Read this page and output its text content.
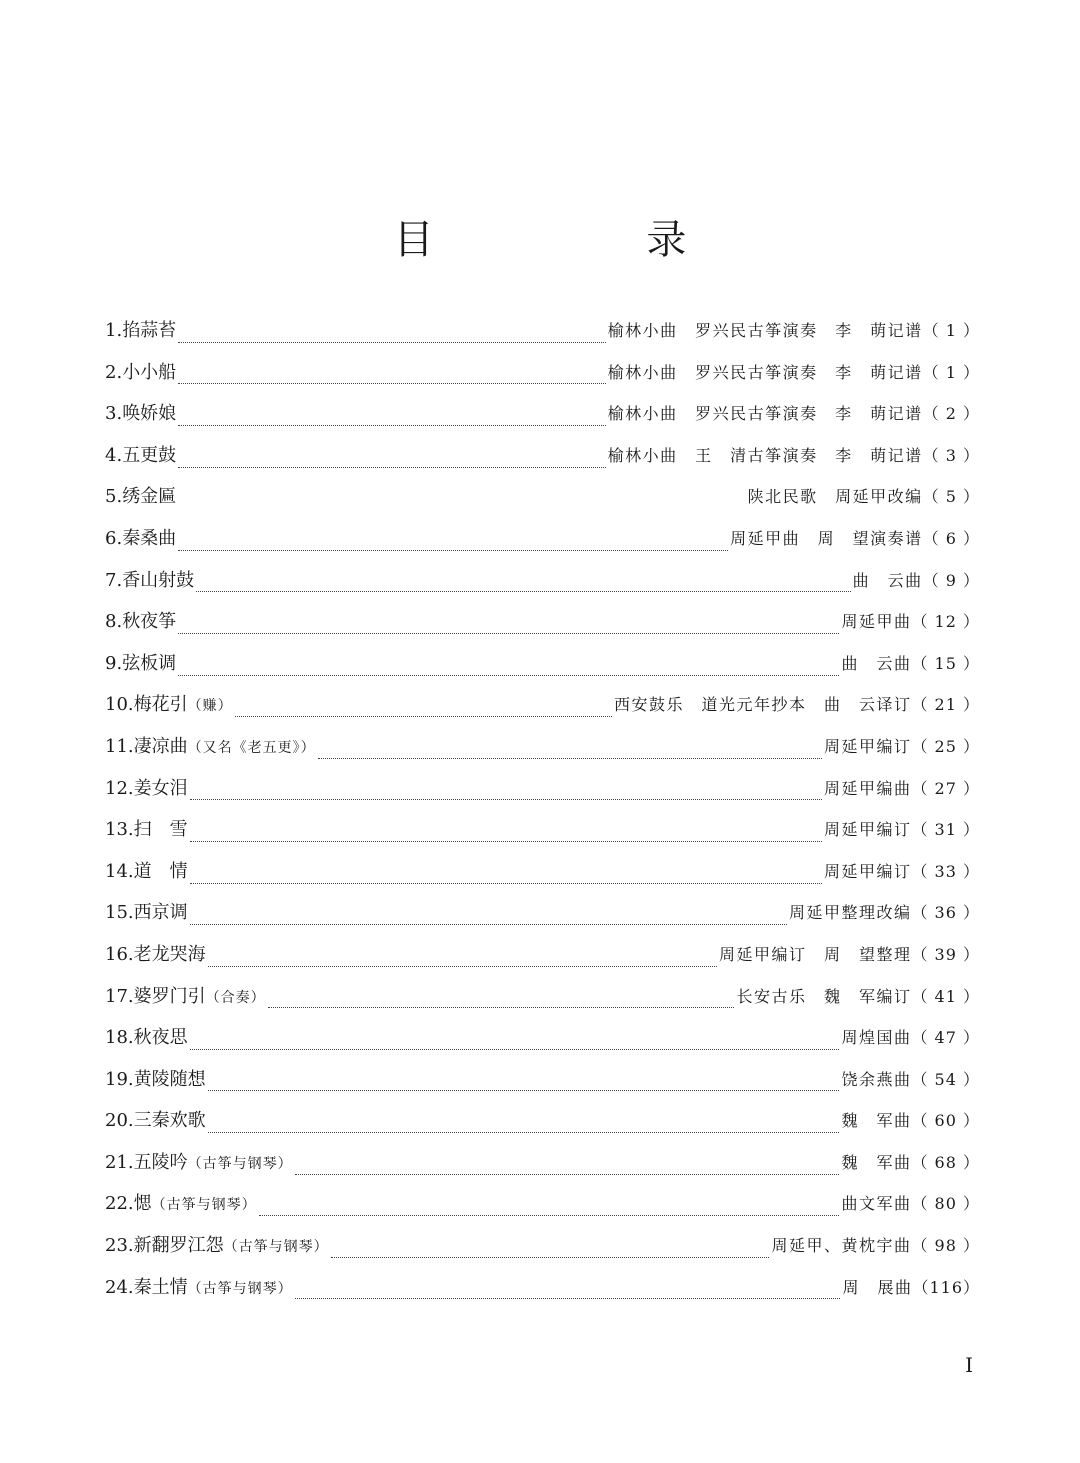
目 录
1. 掐蒜苔	榆林小曲　罗兴民古筝演奏　李　萌记谱 （ 1 ）
2. 小小船	榆林小曲　罗兴民古筝演奏　李　萌记谱 （ 1 ）
3. 唤娇娘	榆林小曲　罗兴民古筝演奏　李　萌记谱 （ 2 ）
4. 五更鼓	榆林小曲　王　清古筝演奏　李　萌记谱 （ 3 ）
5. 绣金匾	陕北民歌　周延甲改编 （ 5 ）
6. 秦桑曲	周延甲曲　周　望演奏谱 （ 6 ）
7. 香山射鼓	曲　云曲 （ 9 ）
8. 秋夜筝	周延甲曲 （ 12 ）
9. 弦板调	曲　云曲 （ 15 ）
10. 梅花引 （赚）	西安鼓乐　道光元年抄本　曲　云译订 （ 21 ）
11. 凄凉曲 （又名《老五更》）	周延甲编订 （ 25 ）
12. 姜女泪	周延甲编曲 （ 27 ）
13. 扫　雪	周延甲编订 （ 31 ）
14. 道　情	周延甲编订 （ 33 ）
15. 西京调	周延甲整理改编 （ 36 ）
16. 老龙哭海	周延甲编订　周　望整理 （ 39 ）
17. 婆罗门引 （合奏）	长安古乐　魏　军编订 （ 41 ）
18. 秋夜思	周煌国曲 （ 47 ）
19. 黄陵随想	饶余燕曲 （ 54 ）
20. 三秦欢歌	魏　军曲 （ 60 ）
21. 五陵吟 （古筝与钢琴）	魏　军曲 （ 68 ）
22. 愢 （古筝与钢琴）	曲文军曲 （ 80 ）
23. 新翻罗江怨 （古筝与钢琴）	周延甲、黄枕宇曲 （ 98 ）
24. 秦土情 （古筝与钢琴）	周　展曲 （116）
Ⅰ
